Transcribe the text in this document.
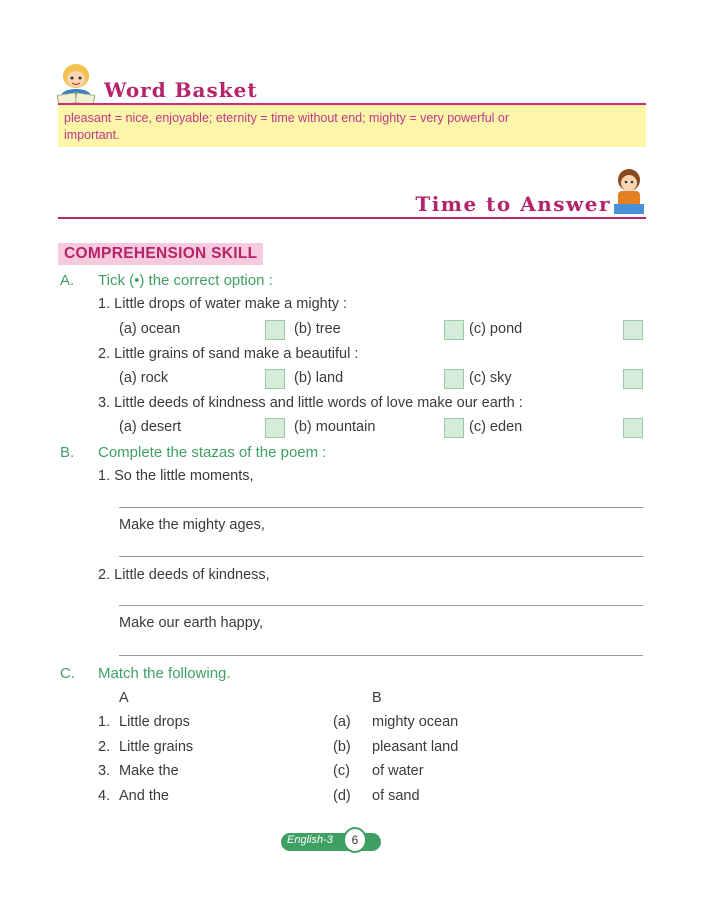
Word Basket
pleasant = nice, enjoyable; eternity = time without end; mighty = very powerful or
important.
Time to Answer
COMPREHENSION SKILL
A. Tick (•) the correct option :
1. Little drops of water make a mighty :
(a) ocean	(b) tree	(c) pond
2. Little grains of sand make a beautiful :
(a) rock	(b) land	(c) sky
3. Little deeds of kindness and little words of love make our earth :
(a) desert	(b) mountain	(c) eden
B. Complete the stazas of the poem :
1. So the little moments,
Make the mighty ages,
2. Little deeds of kindness,
Make our earth happy,
C. Match the following.
A	B
1. Little drops	(a) mighty ocean
2. Little grains	(b) pleasant land
3. Make the	(c) of water
4. And the	(d) of sand
English-3	6
